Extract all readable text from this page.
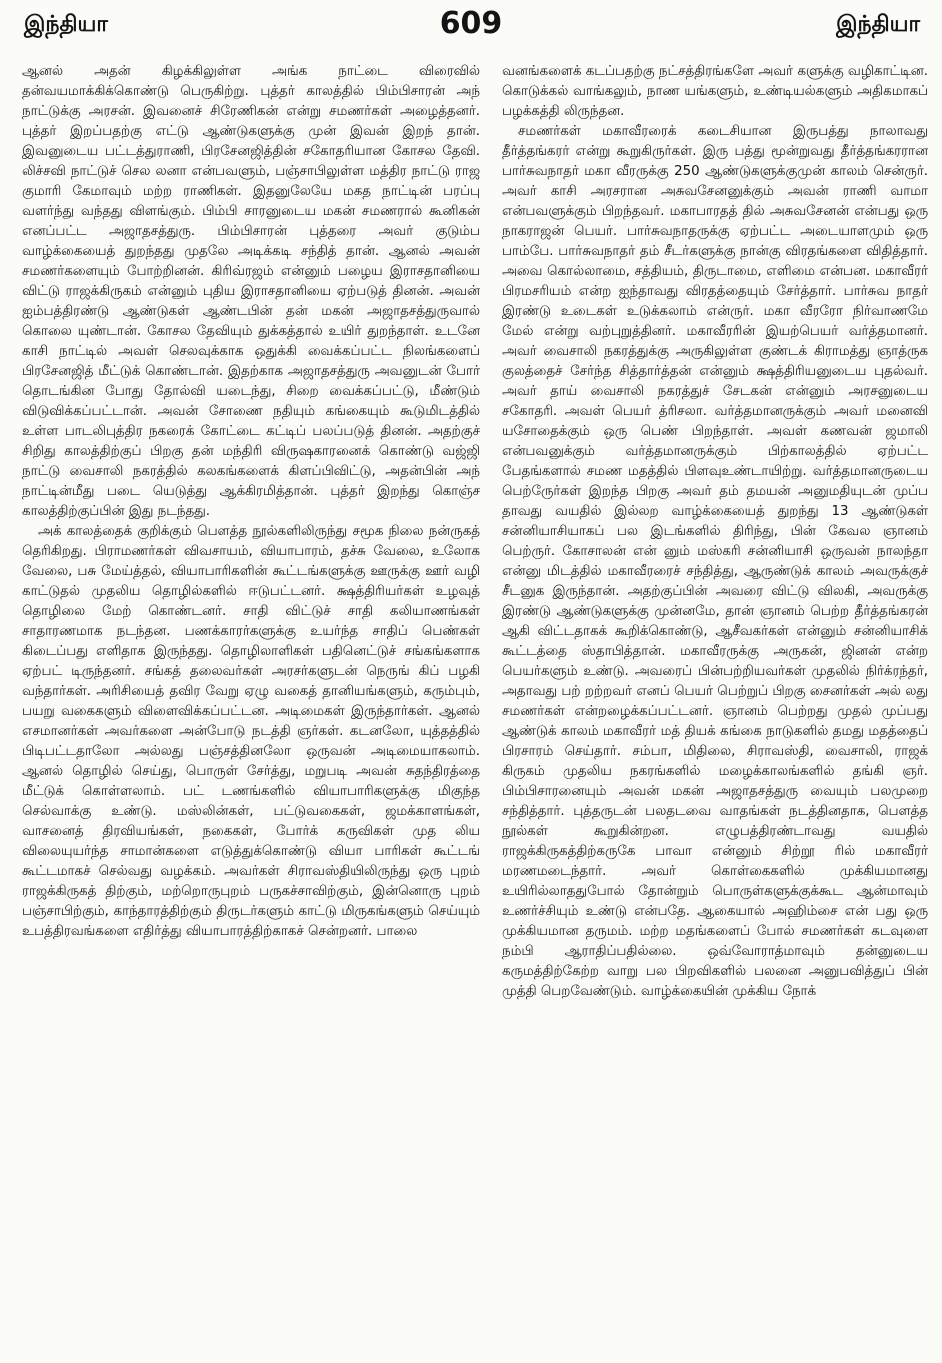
இந்தியா	609	இந்தியா

ஆனல் அதன் கிழக்கிலுள்ள அங்க நாட்டை விரைவில் தன்வயமாக்கிக்கொண்டு பெருகிற்று. புத்தர் காலத்தில் பிம்பிசாரன் அந் நாட்டுக்கு அரசன். இவனைச் சிரேணிகன் என்று சமணர்கள் அழைத்தனர். புத்தர் இறப்பதற்கு எட்டு ஆண்டுகளுக்கு முன் இவன் இறந் தான். இவனுடைய பட்டத்துராணி, பிரசேனஜித்தின் சகோதரியான கோசல தேவி. லிச்சவி நாட்டுச் செல லனா என்பவளும், பஞ்சாபிலுள்ள மத்திர நாட்டு ராஜ குமாரி கேமாவும் மற்ற ராணிகள். இதனுலேயே மகத நாட்டின் பரப்பு வளர்ந்து வந்தது விளங்கும். பிம்பி சாரனுடைய மகன் சமணரால் கூனிகன் எனப்பட்ட அஜாதசத்துரு. பிம்பிசாரன் புத்தரை அவர் குடும்ப வாழ்க்கையைத் துறந்தது முதலே அடிக்கடி சந்தித் தான். ஆனல் அவன் சமணர்களையும் போற்றினன். கிரிவ்ரஜம் என்னும் பழைய இராசதானியை விட்டு ராஜக்கிருகம் என்னும் புதிய இராசதானியை ஏற்படுத் தினன். அவன் ஐம்பத்திரண்டு ஆண்டுகள் ஆண்டபின் தன் மகன் அஜாதசத்துருவால் கொலை யுண்டான். கோசல தேவியும் துக்கத்தால் உயிர் துறந்தாள். உடனே காசி நாட்டில் அவள் செலவுக்காக ஒதுக்கி வைக்கப்பட்ட நிலங்களைப் பிரசேனஜித் மீட்டுக் கொண்டான். இதற்காக அஜாதசத்துரு அவனுடன் போர் தொடங்கின போது தோல்வி யடைந்து, சிறை வைக்கப்பட்டு, மீண்டும் விடுவிக்கப்பட்டான். அவன் சோணை நதியும் கங்கையும் கூடுமிடத்தில் உள்ள பாடலிபுத்திர நகரைக் கோட்டை கட்டிப் பலப்படுத் தினன். அதற்குச் சிறிது காலத்திற்குப் பிறகு தன் மந்திரி விருஷகாரனைக் கொண்டு வஜ்ஜி நாட்டு வைசாலி நகரத்தில் கலகங்களைக் கிளப்பிவிட்டு, அதன்பின் அந் நாட்டின்மீது படை யெடுத்து ஆக்கிரமித்தான். புத்தர் இறந்து கொஞ்ச காலத்திற்குப்பின் இது நடந்தது.

அக் காலத்தைக் குறிக்கும் பௌத்த நூல்களிலிருந்து சமூக நிலை நன்ருகத் தெரிகிறது. பிராமணர்கள் விவசாயம், வியாபாரம், தச்சு வேலை, உலோக வேலை, பசு மேய்த்தல், வியாபாரிகளின் கூட்டங்களுக்கு ஊருக்கு ஊர் வழி காட்டுதல் முதலிய தொழில்களில் ஈடுபட்டனர். க்ஷத்திரியர்கள் உழவுத் தொழிலை மேற் கொண்டனர். சாதி விட்டுச் சாதி கலியாணங்கள் சாதாரணமாக நடந்தன. பணக்காரர்களுக்கு உயர்ந்த சாதிப் பெண்கள் கிடைப்பது எளிதாக இருந்தது. தொழிலாளிகள் பதினெட்டுச் சங்கங்களாக ஏற்பட் டிருந்தனர். சங்கத் தலைவர்கள் அரசர்களுடன் நெருங் கிப் பழகி வந்தார்கள். அரிசியைத் தவிர வேறு ஏழு வகைத் தானியங்களும், கரும்பும், பயறு வகைகளும் விளைவிக்கப்பட்டன. அடிமைகள் இருந்தார்கள். ஆனல் எசமானர்கள் அவர்களை அன்போடு நடத்தி ஞர்கள். கடனலோ, யுத்தத்தில் பிடிபட்டதாலோ அல்லது பஞ்சத்தினலோ ஒருவன் அடிமையாகலாம். ஆனல் தொழில் செய்து, பொருள் சேர்த்து, மறுபடி அவன் சுதந்திரத்தை மீட்டுக் கொள்ளலாம். பட் டணங்களில் வியாபாரிகளுக்கு மிகுந்த செல்வாக்கு உண்டு. மஸ்லின்கள், பட்டுவகைகள், ஜமக்காளங்கள், வாசனைத் திரவியங்கள், நகைகள், போர்க் கருவிகள் முத லிய விலையுயர்ந்த சாமான்களை எடுத்துக்கொண்டு வியா பாரிகள் கூட்டங் கூட்டமாகச் செல்வது வழக்கம். அவர்கள் சிராவஸ்தியிலிருந்து ஒரு புறம் ராஜக்கிருகத் திற்கும், மற்றொருபுறம் பருகச்சாவிற்கும், இன்னொரு புறம் பஞ்சாபிற்கும், காந்தாரத்திற்கும் திருடர்களும் காட்டு மிருகங்களும் செய்யும் உபத்திரவங்களை எதிர்த்து வியாபாரத்திற்காகச் சென்றனர். பாலை

வனங்களைக் கடப்பதற்கு நட்சத்திரங்களே அவர் களுக்கு வழிகாட்டின. கொடுக்கல் வாங்கலும், நாண யங்களும், உண்டியல்களும் அதிகமாகப் பழக்கத்தி லிருந்தன.

சமணர்கள் மகாவீரரைக் கடைசியான இருபத்து நாலாவது தீர்த்தங்கரர் என்று கூறுகிருர்கள். இரு பத்து மூன்றுவது தீர்த்தங்கரரான பார்சுவநாதர் மகா வீரருக்கு 250 ஆண்டுகளுக்குமுன் காலம் சென்ருர். அவர் காசி அரசரான அசுவசேனனுக்கும் அவன் ராணி வாமா என்பவளுக்கும் பிறந்தவர். மகாபாரதத் தில் அசுவசேனன் என்பது ஒரு நாகராஜன் பெயர். பார்சுவநாதருக்கு ஏற்பட்ட அடையாளமும் ஒரு பாம்பே. பார்சுவநாதர் தம் சீடர்களுக்கு நான்கு விரதங்களை விதித்தார். அவை கொல்லாமை, சத்தியம், திருடாமை, எளிமை என்பன. மகாவீரர் பிரமசரியம் என்ற ஐந்தாவது விரதத்தையும் சேர்த்தார். பார்சுவ நாதர் இரண்டு உடைகள் உடுக்கலாம் என்ருர். மகா வீரரோ நிர்வாணமே மேல் என்று வற்புறுத்தினர். மகாவீரரின் இயற்பெயர் வர்த்தமானர். அவர் வைசாலி நகரத்துக்கு அருகிலுள்ள குண்டக் கிராமத்து ஞாத்ருக குலத்தைச் சேர்ந்த சித்தார்த்தன் என்னும் க்ஷத்திரியனுடைய புதல்வர். அவர் தாய் வைசாலி நகரத்துச் சேடகன் என்னும் அரசனுடைய சகோதரி. அவள் பெயர் த்ரிசலா. வர்த்தமானருக்கும் அவர் மனைவி யசோதைக்கும் ஒரு பெண் பிறந்தாள். அவள் கணவன் ஜமாலி என்பவனுக்கும் வர்த்தமானருக்கும் பிற்காலத்தில் ஏற்பட்ட பேதங்களால் சமண மதத்தில் பிளவுஉண்டாயிற்று. வர்த்தமானருடைய பெற்ருேர்கள் இறந்த பிறகு அவர் தம் தமயன் அனுமதியுடன் முப்ப தாவது வயதில் இல்லற வாழ்க்கையைத் துறந்து 13 ஆண்டுகள் சன்னியாசியாகப் பல இடங்களில் திரிந்து, பின் கேவல ஞானம் பெற்ருர். கோசாலன் என் னும் மஸ்கரி சன்னியாசி ஒருவன் நாலந்தா என்னு மிடத்தில் மகாவீரரைச் சந்தித்து, ஆருண்டுக் காலம் அவருக்குச் சீடனுக இருந்தான். அதற்குப்பின் அவரை விட்டு விலகி, அவருக்கு இரண்டு ஆண்டுகளுக்கு முன்னமே, தான் ஞானம் பெற்ற தீர்த்தங்கரன் ஆகி விட்டதாகக் கூறிக்கொண்டு, ஆசீவகர்கள் என்னும் சன்னியாசிக் கூட்டத்தை ஸ்தாபித்தான். மகாவீரருக்கு அருகன், ஜினன் என்ற பெயர்களும் உண்டு. அவரைப் பின்பற்றியவர்கள் முதலில் நிர்க்ரந்தர், அதாவது பற் றற்றவர் எனப் பெயர் பெற்றுப் பிறகு சைனர்கள் அல் லது சமணர்கள் என்றழைக்கப்பட்டனர். ஞானம் பெற்றது முதல் முப்பது ஆண்டுக் காலம் மகாவீரர் மத் தியக் கங்கை நாடுகளில் தமது மதத்தைப் பிரசாரம் செய்தார். சம்பா, மிதிலை, சிராவஸ்தி, வைசாலி, ராஜக் கிருகம் முதலிய நகரங்களில் மழைக்காலங்களில் தங்கி ஞர். பிம்பிசாரனையும் அவன் மகன் அஜாதசத்துரு வையும் பலமுறை சந்தித்தார். புத்தருடன் பலதடவை வாதங்கள் நடத்தினதாக, பௌத்த நூல்கள் கூறுகின்றன. எழுபத்திரண்டாவது வயதில் ராஜக்கிருகத்திற்கருகே பாவா என்னும் சிற்றூ ரில் மகாவீரர் மரணமடைந்தார். அவர் கொள்கைகளில் முக்கியமானது உயிரில்லாததுபோல் தோன்றும் பொருள்களுக்குக்கூட ஆன்மாவும் உணர்ச்சியும் உண்டு என்பதே. ஆகையால் அஹிம்சை என் பது ஒரு முக்கியமான தருமம். மற்ற மதங்களைப் போல் சமணர்கள் கடவுளை நம்பி ஆராதிப்பதில்லை. ஒவ்வோராத்மாவும் தன்னுடைய கருமத்திற்கேற்ற வாறு பல பிறவிகளில் பலனை அனுபவித்துப் பின் முத்தி பெறவேண்டும். வாழ்க்கையின் முக்கிய நோக்
